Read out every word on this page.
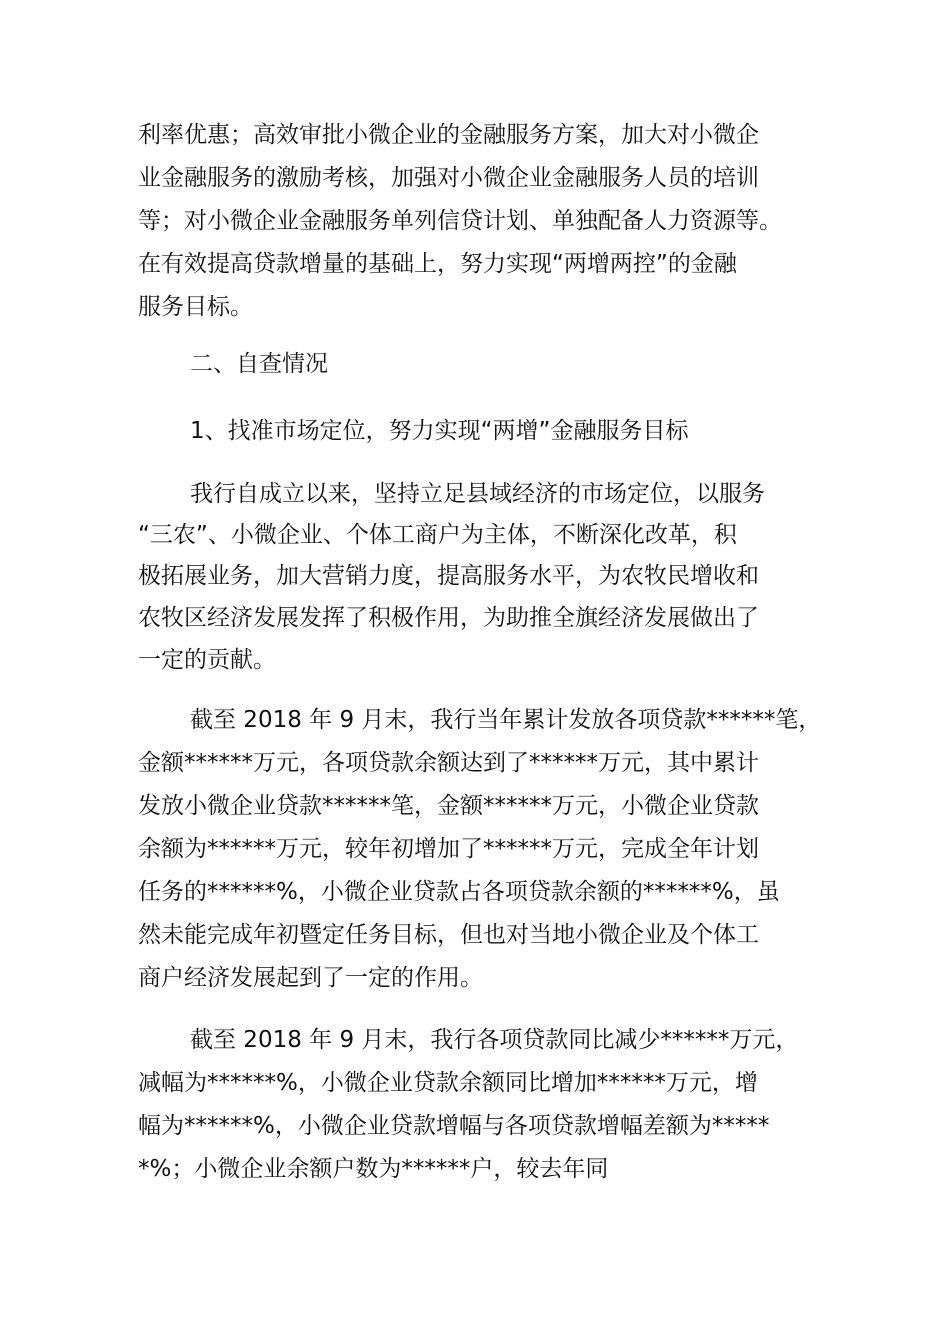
利率优惠；高效审批小微企业的金融服务方案，加大对小微企
业金融服务的激励考核，加强对小微企业金融服务人员的培训
等；对小微企业金融服务单列信贷计划、单独配备人力资源等。
在有效提高贷款增量的基础上，努力实现“两增两控”的金融
服务目标。
二、自查情况
1、找准市场定位，努力实现“两增”金融服务目标
我行自成立以来，坚持立足县域经济的市场定位，以服务
“三农”、小微企业、个体工商户为主体，不断深化改革，积
极拓展业务，加大营销力度，提高服务水平，为农牧民增收和
农牧区经济发展发挥了积极作用，为助推全旗经济发展做出了
一定的贡献。
截至 2018 年 9 月末，我行当年累计发放各项贷款******笔，
金额******万元，各项贷款余额达到了******万元，其中累计
发放小微企业贷款******笔，金额******万元，小微企业贷款
余额为******万元，较年初增加了******万元，完成全年计划
任务的******%，小微企业贷款占各项贷款余额的******%，虽
然未能完成年初暨定任务目标，但也对当地小微企业及个体工
商户经济发展起到了一定的作用。
截至 2018 年 9 月末，我行各项贷款同比减少******万元，
减幅为******%，小微企业贷款余额同比增加******万元，增
幅为******%，小微企业贷款增幅与各项贷款增幅差额为*****
*%；小微企业余额户数为******户，较去年同
